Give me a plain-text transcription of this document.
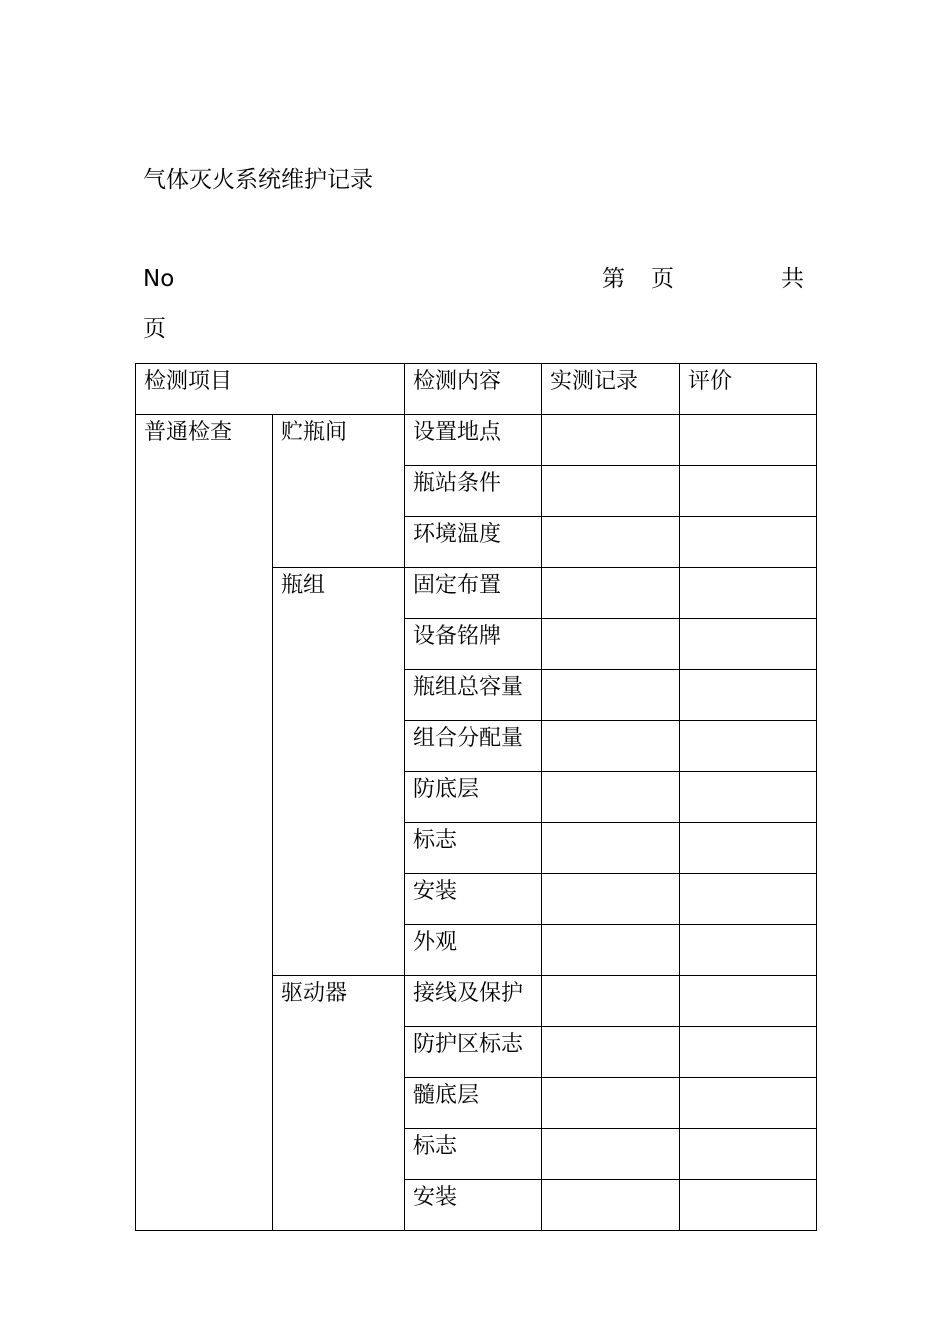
气体灭火系统维护记录
No	第 页	共
页
检测项目		检测内容	实测记录	评价
普通检查	贮瓶间	设置地点		
		瓶站条件		
		环境温度		
	瓶组	固定布置		
		设备铭牌		
		瓶组总容量		
		组合分配量		
		防底层		
		标志		
		安装		
		外观		
	驱动器	接线及保护		
		防护区标志		
		髓底层		
		标志		
		安装		
